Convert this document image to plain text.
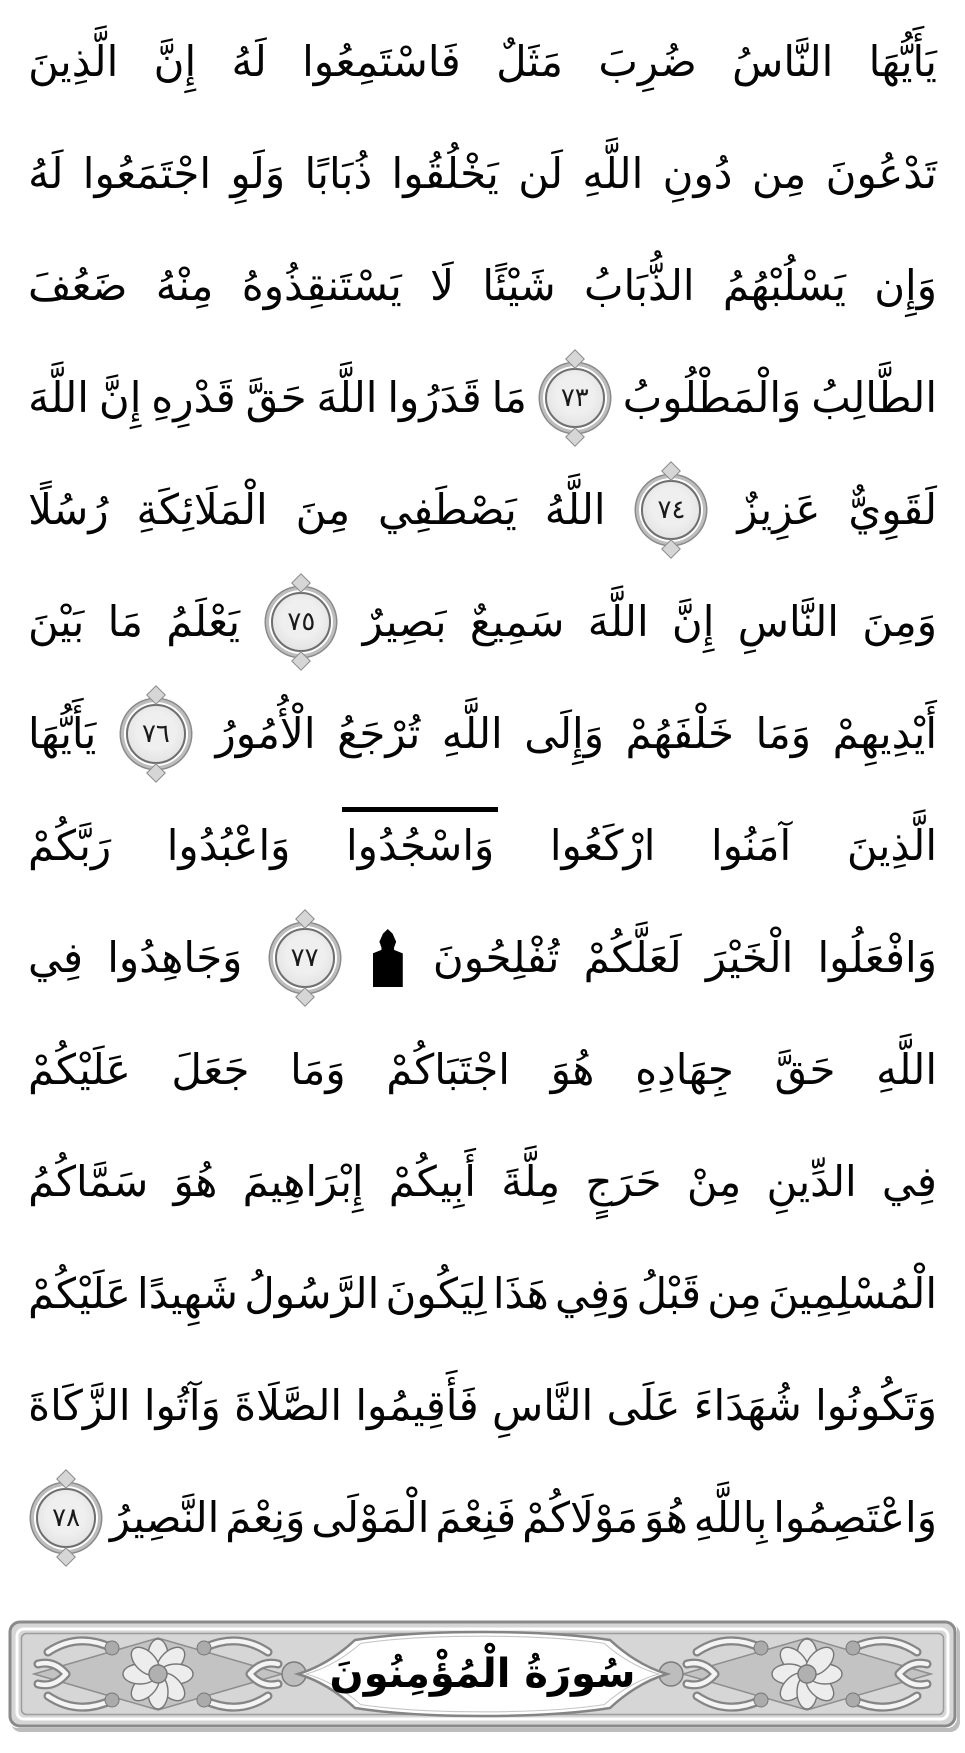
يَأَيُّهَا
النَّاسُ
ضُرِبَ
مَثَلٌ
فَاسْتَمِعُوا
لَهُ
إِنَّ
الَّذِينَ
تَدْعُونَ
مِن
دُونِ
اللَّهِ
لَن
يَخْلُقُوا
ذُبَابًا
وَلَوِ
اجْتَمَعُوا
لَهُ
وَإِن
يَسْلُبْهُمُ
الذُّبَابُ
شَيْئًا
لَا
يَسْتَنقِذُوهُ
مِنْهُ
ضَعُفَ
الطَّالِبُ
وَالْمَطْلُوبُ
٧٣
مَا
قَدَرُوا
اللَّهَ
حَقَّ
قَدْرِهِ
إِنَّ
اللَّهَ
لَقَوِيٌّ
عَزِيزٌ
٧٤
اللَّهُ
يَصْطَفِي
مِنَ
الْمَلَائِكَةِ
رُسُلًا
وَمِنَ
النَّاسِ
إِنَّ
اللَّهَ
سَمِيعٌ
بَصِيرٌ
٧٥
يَعْلَمُ
مَا
بَيْنَ
أَيْدِيهِمْ
وَمَا
خَلْفَهُمْ
وَإِلَى
اللَّهِ
تُرْجَعُ
الْأُمُورُ
٧٦
يَأَيُّهَا
الَّذِينَ
آمَنُوا
ارْكَعُوا
وَاسْجُدُوا
وَاعْبُدُوا
رَبَّكُمْ
وَافْعَلُوا
الْخَيْرَ
لَعَلَّكُمْ
تُفْلِحُونَ
٧٧
وَجَاهِدُوا
فِي
اللَّهِ
حَقَّ
جِهَادِهِ
هُوَ
اجْتَبَاكُمْ
وَمَا
جَعَلَ
عَلَيْكُمْ
فِي
الدِّينِ
مِنْ
حَرَجٍ
مِلَّةَ
أَبِيكُمْ
إِبْرَاهِيمَ
هُوَ
سَمَّاكُمُ
الْمُسْلِمِينَ
مِن
قَبْلُ
وَفِي
هَذَا
لِيَكُونَ
الرَّسُولُ
شَهِيدًا
عَلَيْكُمْ
وَتَكُونُوا
شُهَدَاءَ
عَلَى
النَّاسِ
فَأَقِيمُوا
الصَّلَاةَ
وَآتُوا
الزَّكَاةَ
وَاعْتَصِمُوا
بِاللَّهِ
هُوَ
مَوْلَاكُمْ
فَنِعْمَ
الْمَوْلَى
وَنِعْمَ
النَّصِيرُ
٧٨
سُورَةُ الْمُؤْمِنُونَ
